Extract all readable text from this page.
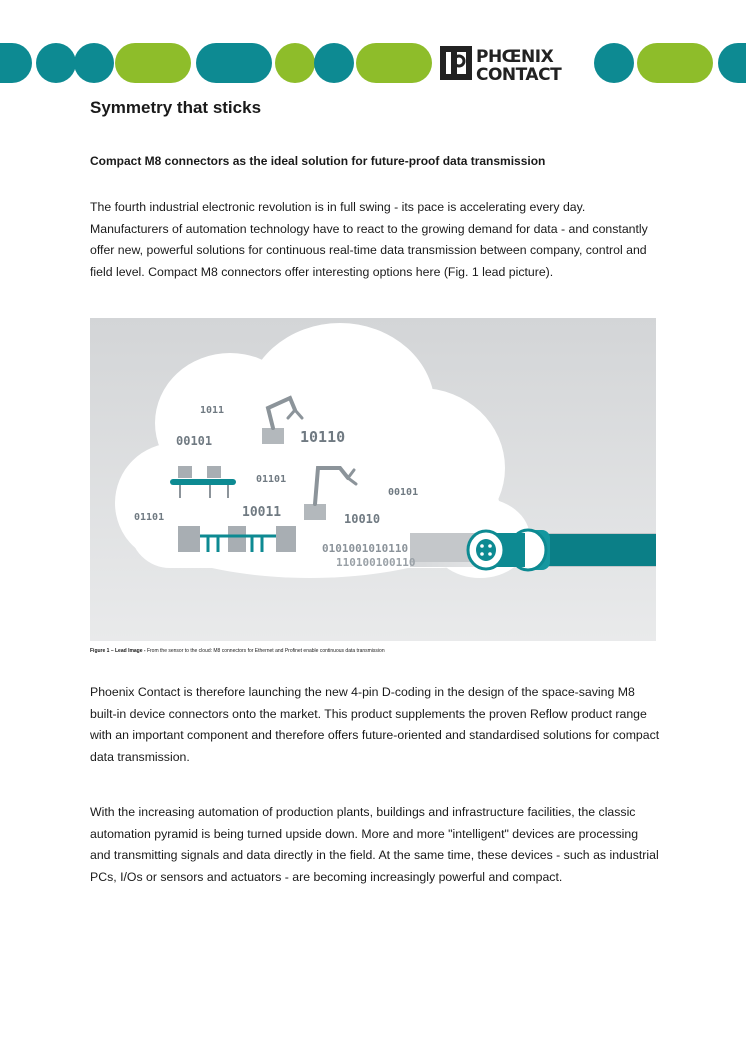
PHŒNIX
CONTACT
Symmetry that sticks
Compact M8 connectors as the ideal solution for future-proof data transmission

The fourth industrial electronic revolution is in full swing - its pace is accelerating every day. Manufacturers of automation technology have to react to the growing demand for data - and constantly offer new, powerful solutions for continuous real-time data transmission between company, control and field level. Compact M8 connectors offer interesting options here (Fig. 1 lead picture).

1011
00101	10110
01101
00101
01101	10011	10010
0101001010110
110100100110
Figure 1 – Lead Image - From the sensor to the cloud: M8 connectors for Ethernet and Profinet enable continuous data transmission

Phoenix Contact is therefore launching the new 4-pin D-coding in the design of the space-saving M8 built-in device connectors onto the market. This product supplements the proven Reflow product range with an important component and therefore offers future-oriented and standardised solutions for compact data transmission.

With the increasing automation of production plants, buildings and infrastructure facilities, the classic automation pyramid is being turned upside down. More and more "intelligent" devices are processing and transmitting signals and data directly in the field. At the same time, these devices - such as industrial PCs, I/Os or sensors and actuators - are becoming increasingly powerful and compact.
